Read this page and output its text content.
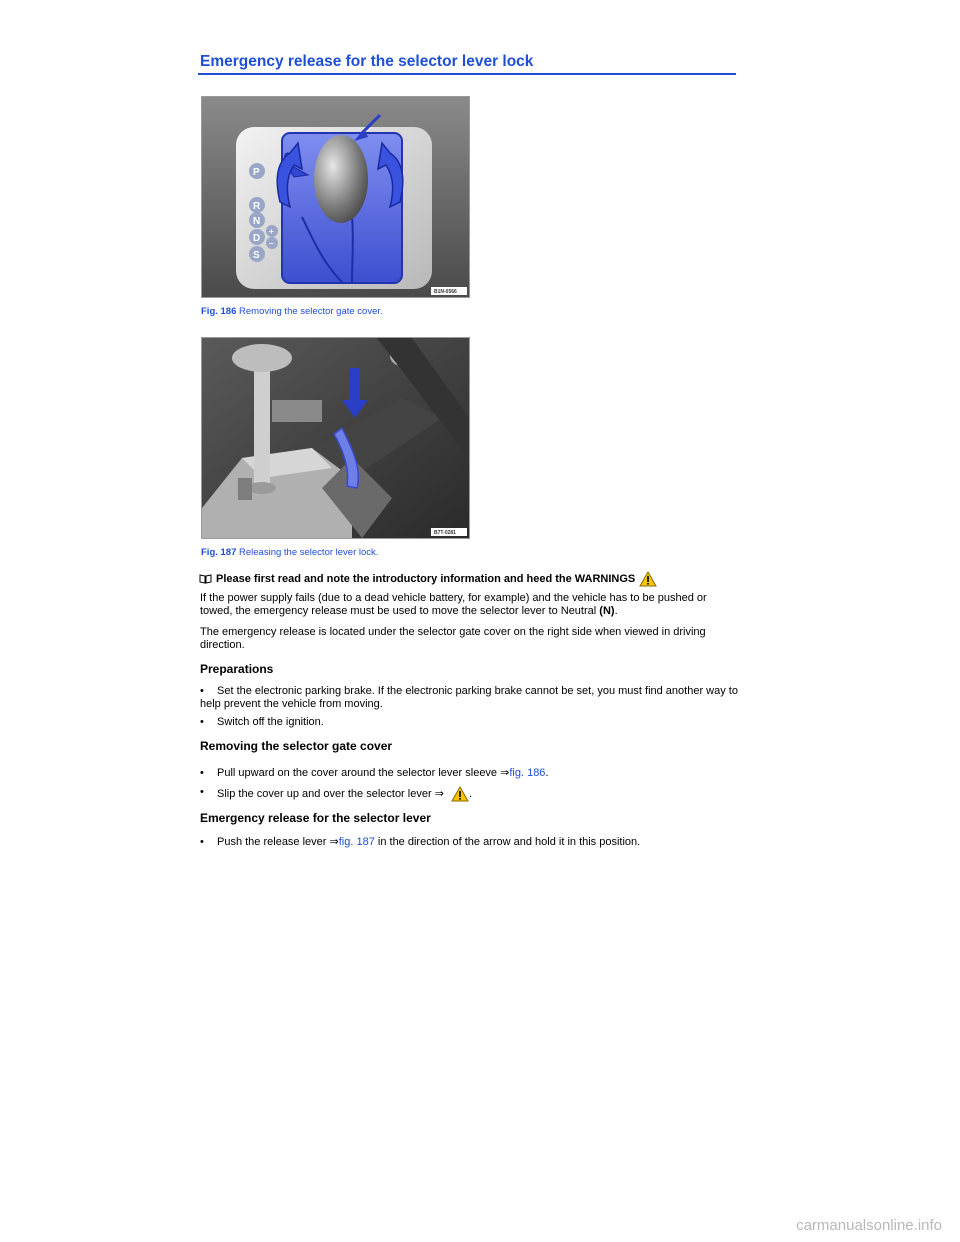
Emergency release for the selector lever lock
P
R
N
D
S
+
–
B1N-0566
Fig. 186 Removing the selector gate cover.
B7T-0281
Fig. 187 Releasing the selector lever lock.
Please first read and note the introductory information and heed the WARNINGS

If the power supply fails (due to a dead vehicle battery, for example) and the vehicle has to be pushed or towed, the emergency release must be used to move the selector lever to Neutral (N).

The emergency release is located under the selector gate cover on the right side when viewed in driving direction.

Preparations
•	Set the electronic parking brake. If the electronic parking brake cannot be set, you must find another way to help prevent the vehicle from moving.
•	Switch off the ignition.
Removing the selector gate cover
•	Pull upward on the cover around the selector lever sleeve ⇒fig. 186.
•	Slip the cover up and over the selector lever ⇒ .
Emergency release for the selector lever
•	Push the release lever ⇒fig. 187 in the direction of the arrow and hold it in this position.
carmanualsonline.info
